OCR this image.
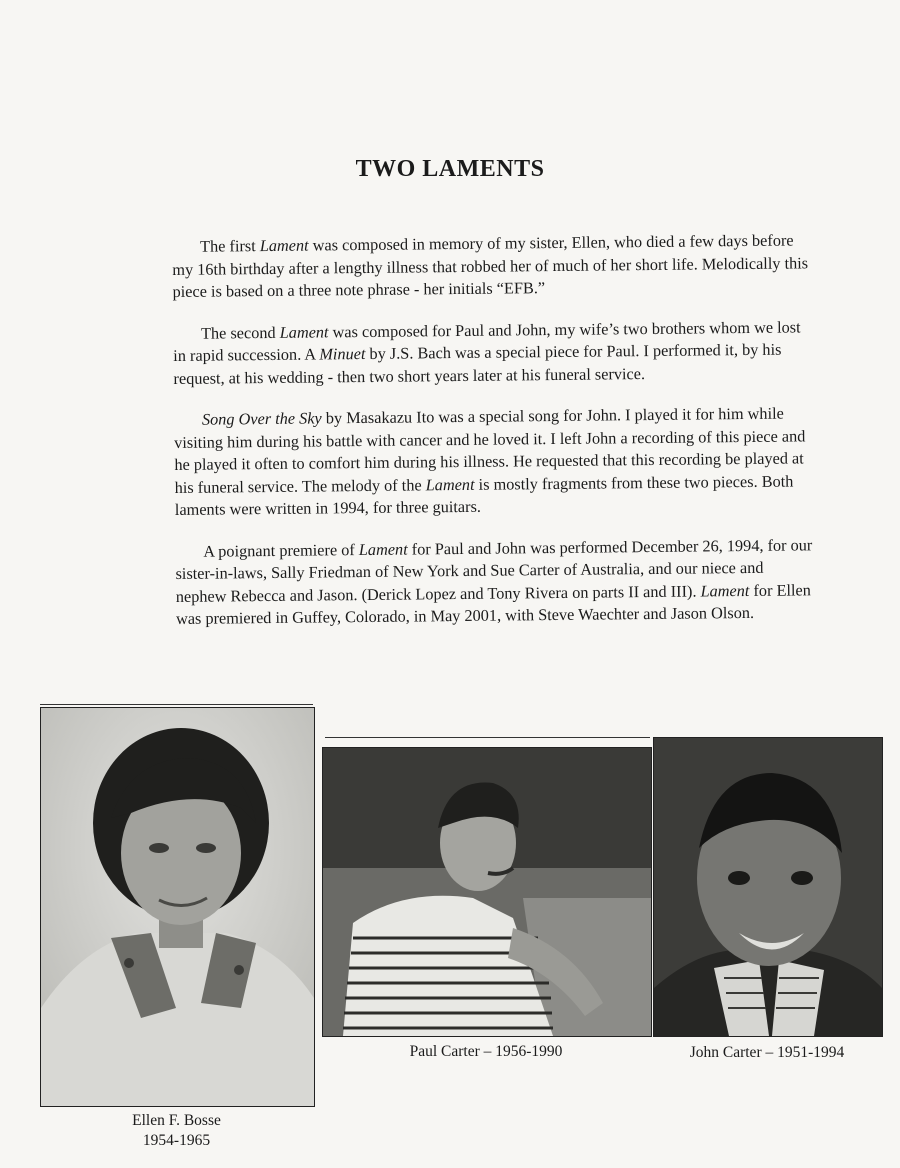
TWO LAMENTS

The first Lament was composed in memory of my sister, Ellen, who died a few days before my 16th birthday after a lengthy illness that robbed her of much of her short life. Melodically this piece is based on a three note phrase - her initials “EFB.”

The second Lament was composed for Paul and John, my wife’s two brothers whom we lost in rapid succession. A Minuet by J.S. Bach was a special piece for Paul. I performed it, by his request, at his wedding - then two short years later at his funeral service.

Song Over the Sky by Masakazu Ito was a special song for John. I played it for him while visiting him during his battle with cancer and he loved it. I left John a recording of this piece and he played it often to comfort him during his illness. He requested that this recording be played at his funeral service. The melody of the Lament is mostly fragments from these two pieces. Both laments were written in 1994, for three guitars.

A poignant premiere of Lament for Paul and John was performed December 26, 1994, for our sister-in-laws, Sally Friedman of New York and Sue Carter of Australia, and our niece and nephew Rebecca and Jason. (Derick Lopez and Tony Rivera on parts II and III). Lament for Ellen was premiered in Guffey, Colorado, in May 2001, with Steve Waechter and Jason Olson.

Ellen F. Bosse
1954-1965
Paul Carter – 1956-1990	John Carter – 1951-1994
